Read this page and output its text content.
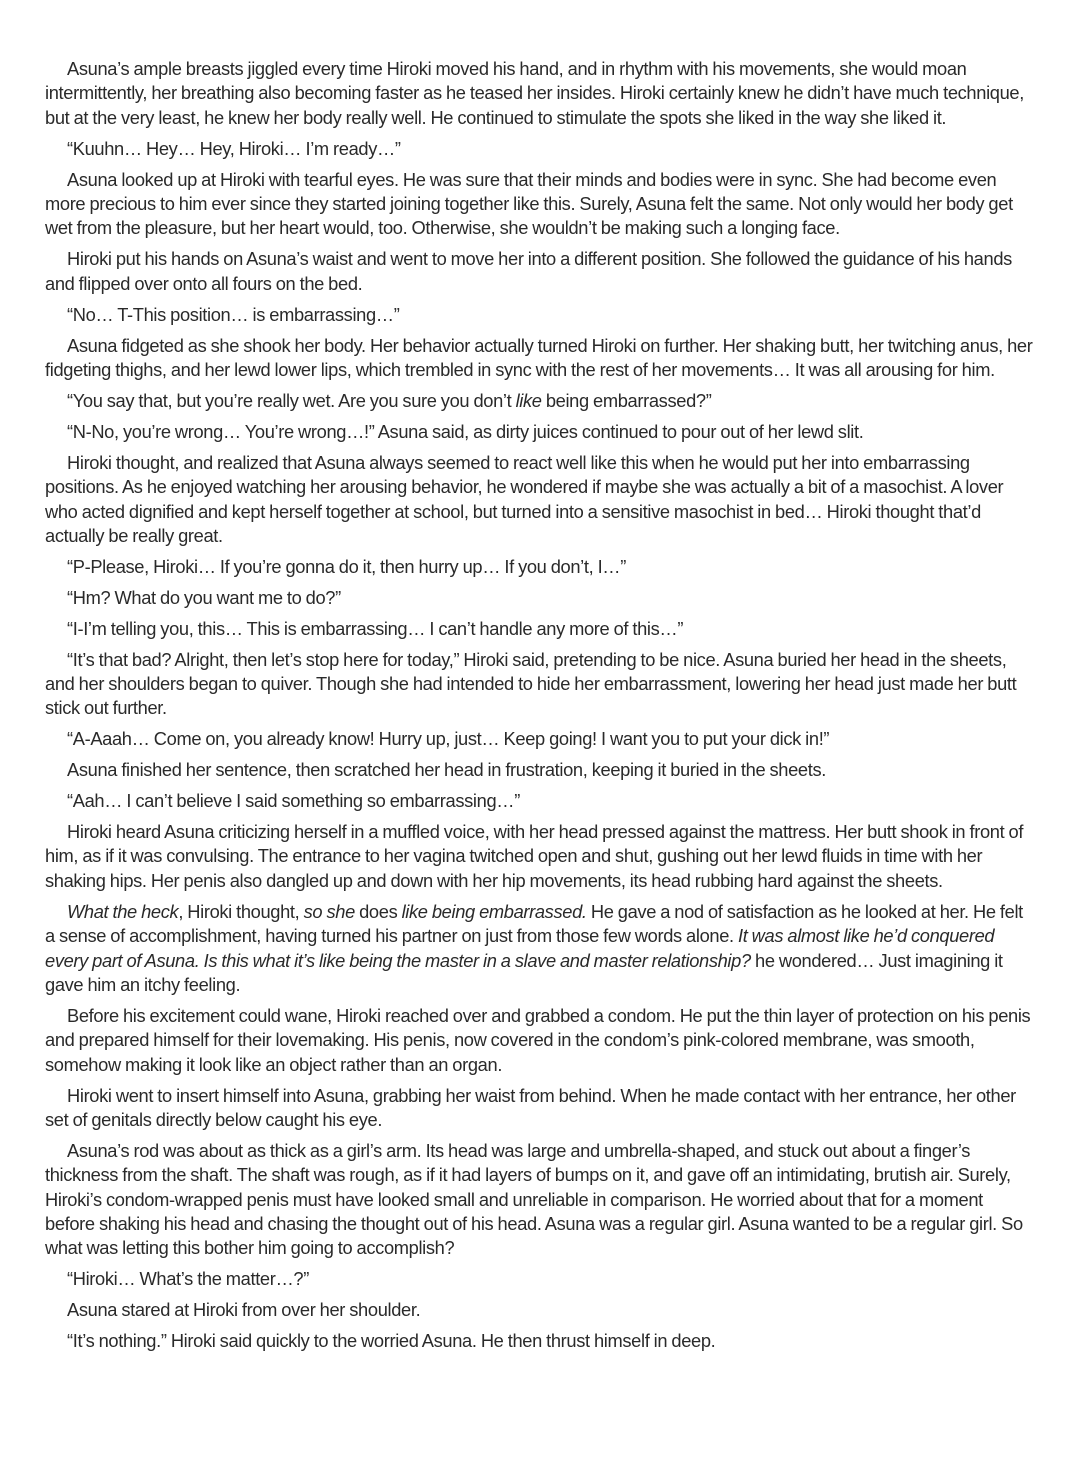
Asuna’s ample breasts jiggled every time Hiroki moved his hand, and in rhythm with his movements, she would moan intermittently, her breathing also becoming faster as he teased her insides. Hiroki certainly knew he didn’t have much technique, but at the very least, he knew her body really well. He continued to stimulate the spots she liked in the way she liked it.

“Kuuhn… Hey… Hey, Hiroki… I’m ready…”

Asuna looked up at Hiroki with tearful eyes. He was sure that their minds and bodies were in sync. She had become even more precious to him ever since they started joining together like this. Surely, Asuna felt the same. Not only would her body get wet from the pleasure, but her heart would, too. Otherwise, she wouldn’t be making such a longing face.

Hiroki put his hands on Asuna’s waist and went to move her into a different position. She followed the guidance of his hands and flipped over onto all fours on the bed.

“No… T-This position… is embarrassing…”

Asuna fidgeted as she shook her body. Her behavior actually turned Hiroki on further. Her shaking butt, her twitching anus, her fidgeting thighs, and her lewd lower lips, which trembled in sync with the rest of her movements… It was all arousing for him.

“You say that, but you’re really wet. Are you sure you don’t like being embarrassed?”

“N-No, you’re wrong… You’re wrong…!” Asuna said, as dirty juices continued to pour out of her lewd slit.

Hiroki thought, and realized that Asuna always seemed to react well like this when he would put her into embarrassing positions. As he enjoyed watching her arousing behavior, he wondered if maybe she was actually a bit of a masochist. A lover who acted dignified and kept herself together at school, but turned into a sensitive masochist in bed… Hiroki thought that’d actually be really great.

“P-Please, Hiroki… If you’re gonna do it, then hurry up… If you don’t, I…”

“Hm? What do you want me to do?”

“I-I’m telling you, this… This is embarrassing… I can’t handle any more of this…”

“It’s that bad? Alright, then let’s stop here for today,” Hiroki said, pretending to be nice. Asuna buried her head in the sheets, and her shoulders began to quiver. Though she had intended to hide her embarrassment, lowering her head just made her butt stick out further.

“A-Aaah… Come on, you already know! Hurry up, just… Keep going! I want you to put your dick in!”

Asuna finished her sentence, then scratched her head in frustration, keeping it buried in the sheets.

“Aah… I can’t believe I said something so embarrassing…”

Hiroki heard Asuna criticizing herself in a muffled voice, with her head pressed against the mattress. Her butt shook in front of him, as if it was convulsing. The entrance to her vagina twitched open and shut, gushing out her lewd fluids in time with her shaking hips. Her penis also dangled up and down with her hip movements, its head rubbing hard against the sheets.

What the heck, Hiroki thought, so she does like being embarrassed. He gave a nod of satisfaction as he looked at her. He felt a sense of accomplishment, having turned his partner on just from those few words alone. It was almost like he’d conquered every part of Asuna. Is this what it’s like being the master in a slave and master relationship? he wondered… Just imagining it gave him an itchy feeling.

Before his excitement could wane, Hiroki reached over and grabbed a condom. He put the thin layer of protection on his penis and prepared himself for their lovemaking. His penis, now covered in the condom’s pink-colored membrane, was smooth, somehow making it look like an object rather than an organ.

Hiroki went to insert himself into Asuna, grabbing her waist from behind. When he made contact with her entrance, her other set of genitals directly below caught his eye.

Asuna’s rod was about as thick as a girl’s arm. Its head was large and umbrella-shaped, and stuck out about a finger’s thickness from the shaft. The shaft was rough, as if it had layers of bumps on it, and gave off an intimidating, brutish air. Surely, Hiroki’s condom-wrapped penis must have looked small and unreliable in comparison. He worried about that for a moment before shaking his head and chasing the thought out of his head. Asuna was a regular girl. Asuna wanted to be a regular girl. So what was letting this bother him going to accomplish?

“Hiroki… What’s the matter…?”

Asuna stared at Hiroki from over her shoulder.

“It’s nothing.” Hiroki said quickly to the worried Asuna. He then thrust himself in deep.
